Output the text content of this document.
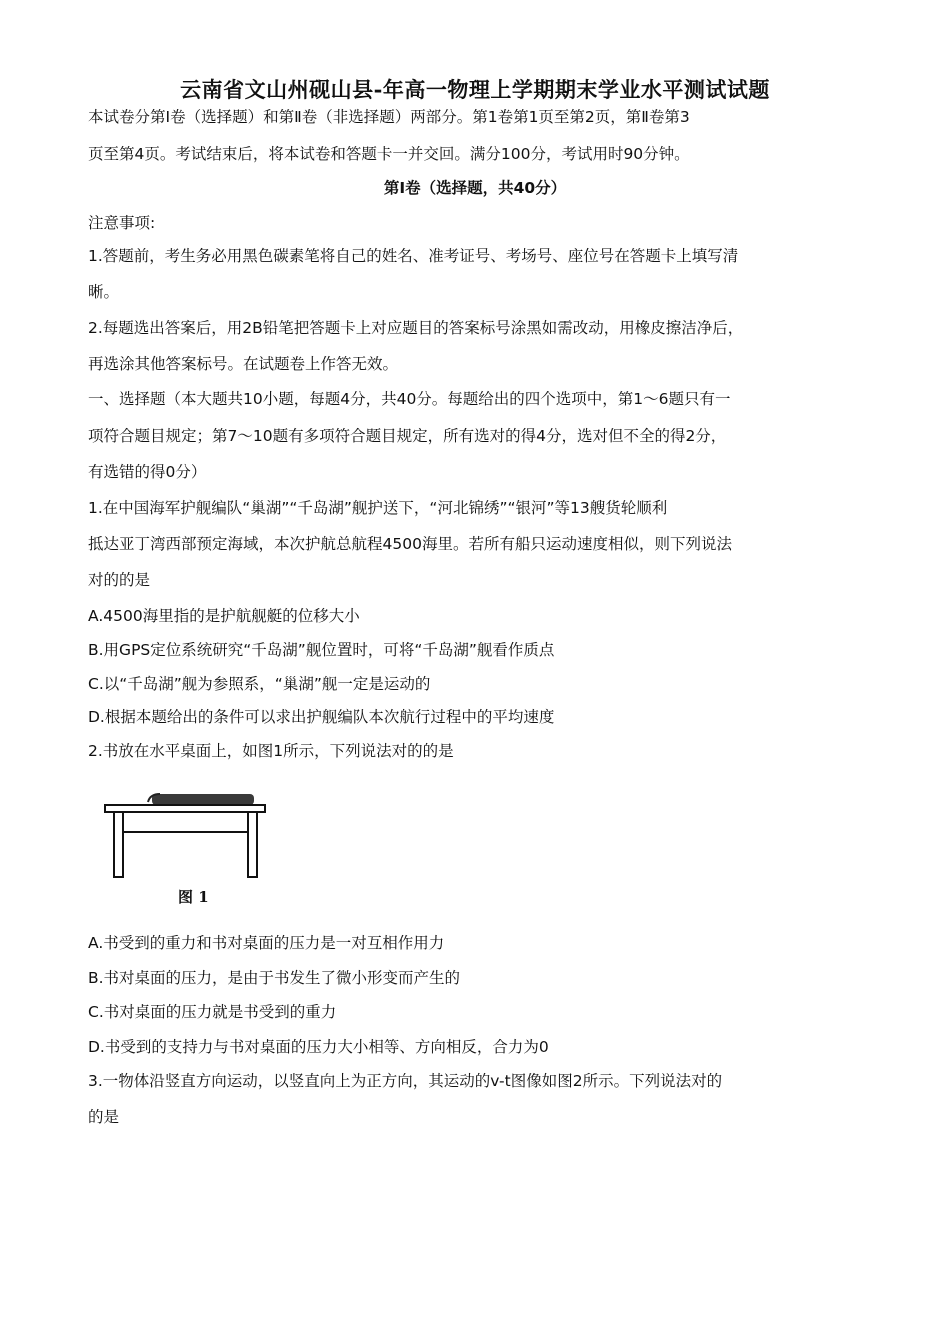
云南省文山州砚山县-年高一物理上学期期末学业水平测试试题
本试卷分第Ⅰ卷（选择题）和第Ⅱ卷（非选择题）两部分。第1卷第1页至第2页，第Ⅱ卷第3
页至第4页。考试结束后，将本试卷和答题卡一并交回。满分100分，考试用时90分钟。
第Ⅰ卷（选择题，共40分）
注意事项:
1.答题前，考生务必用黑色碳素笔将自己的姓名、准考证号、考场号、座位号在答题卡上填写清
晰。
2.每题选出答案后，用2B铅笔把答题卡上对应题目的答案标号涂黑如需改动，用橡皮擦洁净后，
再选涂其他答案标号。在试题卷上作答无效。
一、选择题（本大题共10小题，每题4分，共40分。每题给出的四个选项中，第1～6题只有一
项符合题目规定；第7～10题有多项符合题目规定，所有选对的得4分，选对但不全的得2分，
有选错的得0分）
1.在中国海军护舰编队“巢湖”“千岛湖”舰护送下，“河北锦绣”“银河”等13艘货轮顺利
抵达亚丁湾西部预定海域，本次护航总航程4500海里。若所有船只运动速度相似，则下列说法
对的的是
A.4500海里指的是护航舰艇的位移大小
B.用GPS定位系统研究“千岛湖”舰位置时，可将“千岛湖”舰看作质点
C.以“千岛湖”舰为参照系，“巢湖”舰一定是运动的
D.根据本题给出的条件可以求出护舰编队本次航行过程中的平均速度
2.书放在水平桌面上，如图1所示，下列说法对的的是
图 1
A.书受到的重力和书对桌面的压力是一对互相作用力
B.书对桌面的压力，是由于书发生了微小形变而产生的
C.书对桌面的压力就是书受到的重力
D.书受到的支持力与书对桌面的压力大小相等、方向相反，合力为0
3.一物体沿竖直方向运动，以竖直向上为正方向，其运动的v-t图像如图2所示。下列说法对的
的是
